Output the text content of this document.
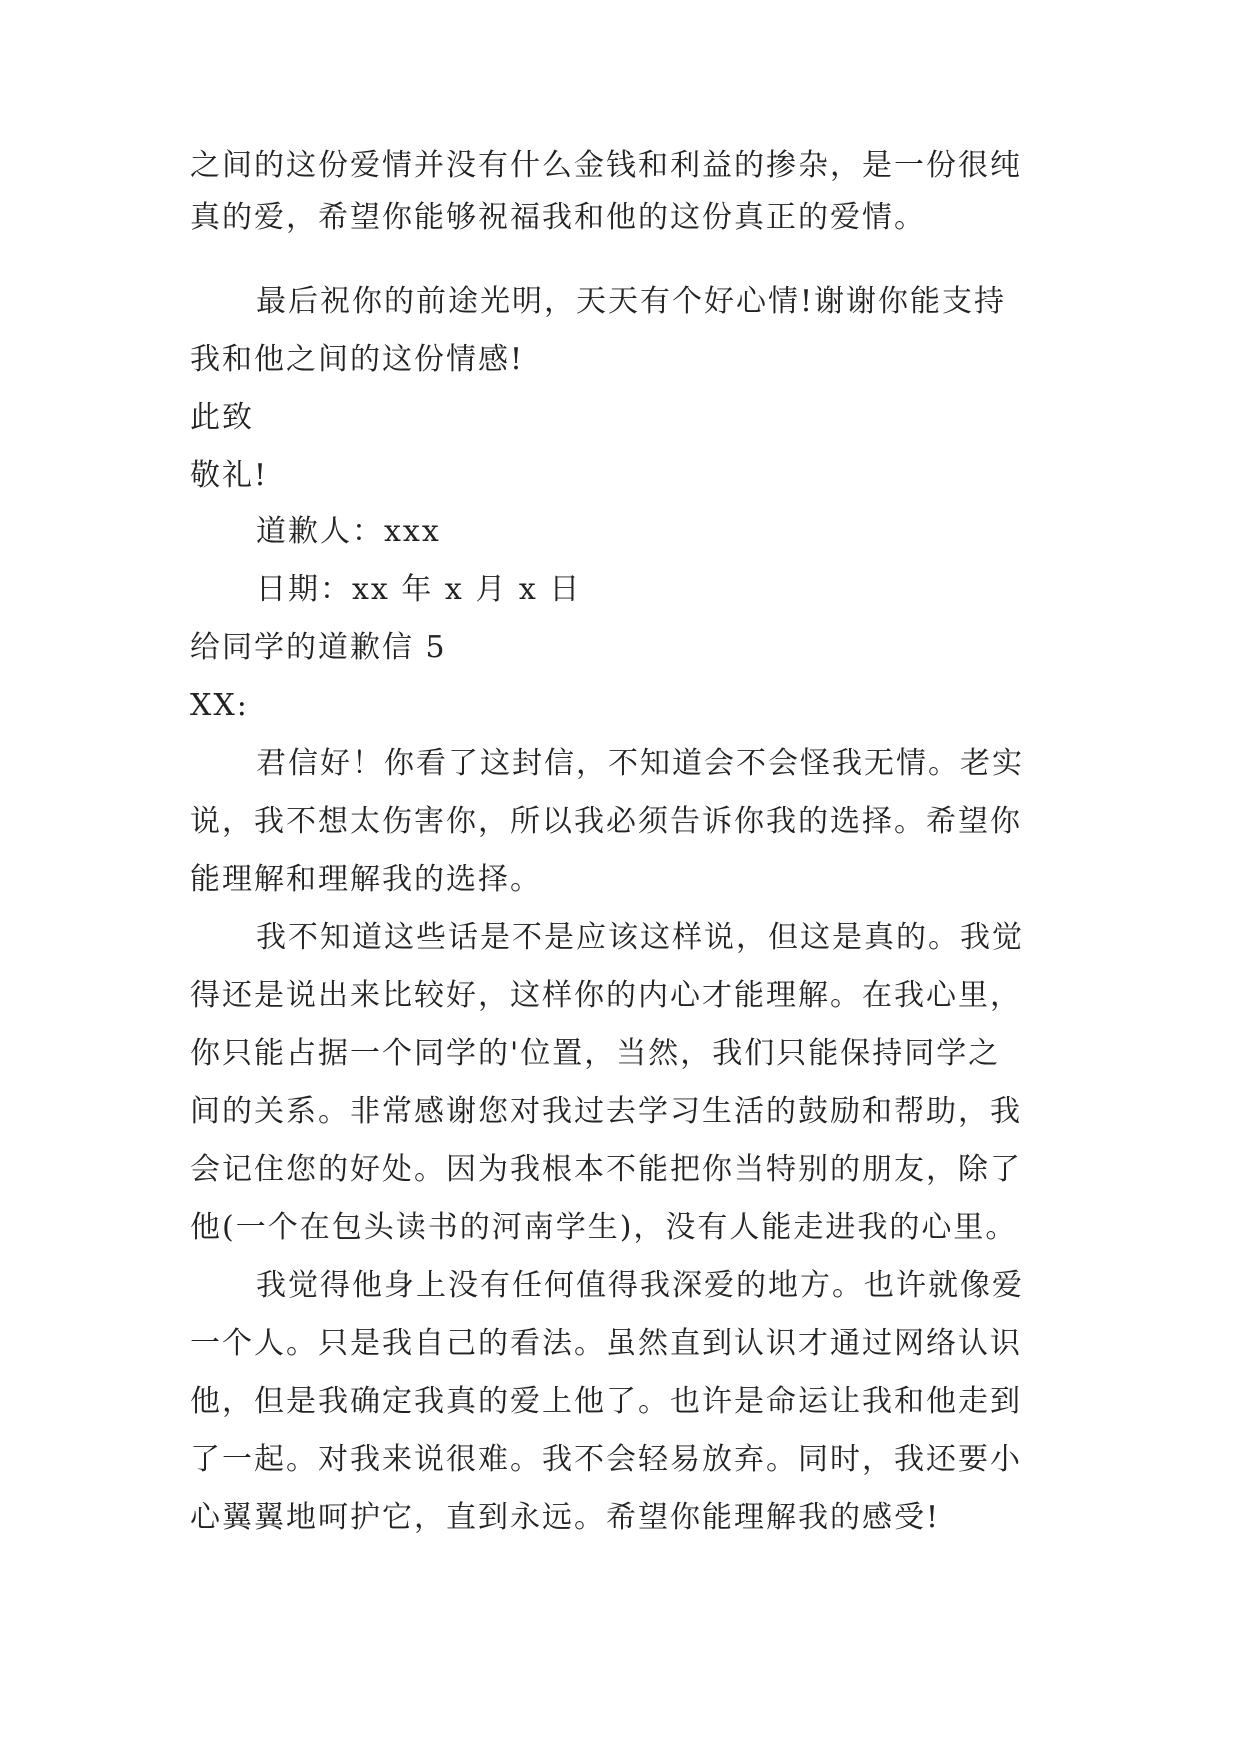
之间的这份爱情并没有什么金钱和利益的掺杂，是一份很纯

真的爱，希望你能够祝福我和他的这份真正的爱情。

最后祝你的前途光明，天天有个好心情!谢谢你能支持

我和他之间的这份情感!

此致

敬礼!

道歉人：xxx

日期：xx 年 x 月 x 日

给同学的道歉信 5

XX:

君信好！你看了这封信，不知道会不会怪我无情。老实

说，我不想太伤害你，所以我必须告诉你我的选择。希望你

能理解和理解我的选择。

我不知道这些话是不是应该这样说，但这是真的。我觉

得还是说出来比较好，这样你的内心才能理解。在我心里，

你只能占据一个同学的'位置，当然，我们只能保持同学之

间的关系。非常感谢您对我过去学习生活的鼓励和帮助，我

会记住您的好处。因为我根本不能把你当特别的朋友，除了

他(一个在包头读书的河南学生)，没有人能走进我的心里。

我觉得他身上没有任何值得我深爱的地方。也许就像爱

一个人。只是我自己的看法。虽然直到认识才通过网络认识

他，但是我确定我真的爱上他了。也许是命运让我和他走到

了一起。对我来说很难。我不会轻易放弃。同时，我还要小

心翼翼地呵护它，直到永远。希望你能理解我的感受!
